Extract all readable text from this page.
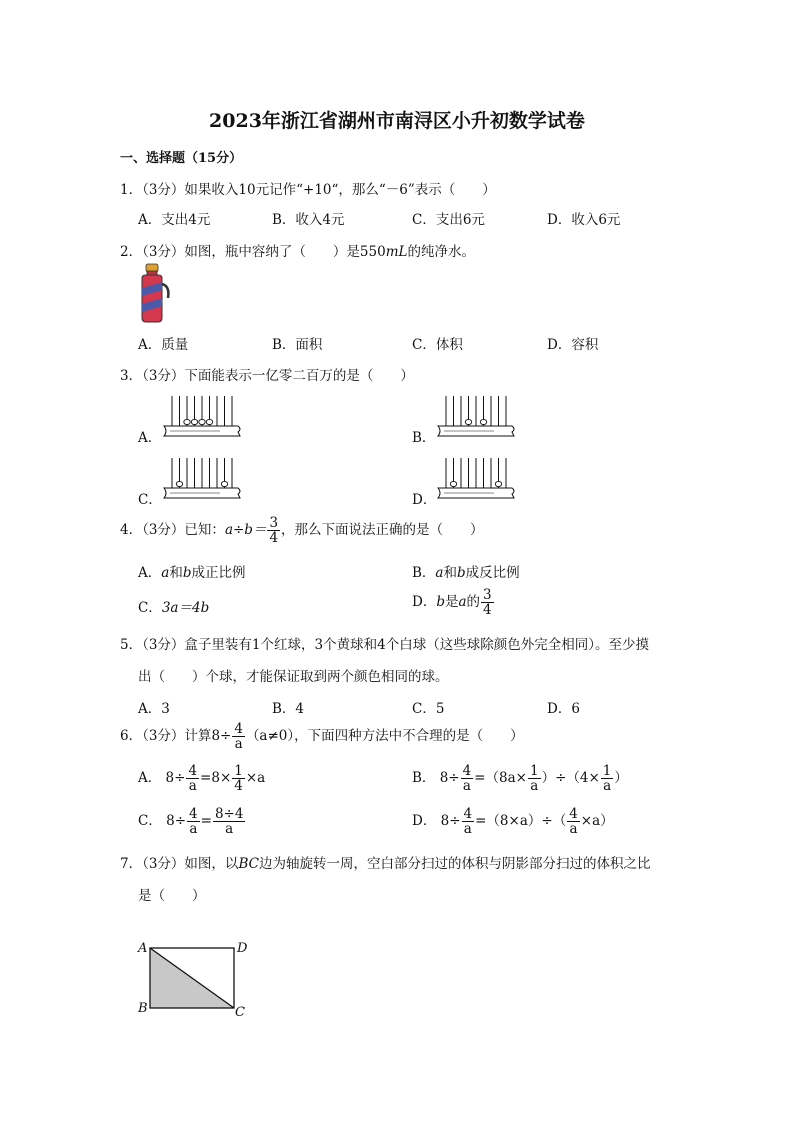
2023年浙江省湖州市南浔区小升初数学试卷
一、选择题（15分）
1．（3分）如果收入10元记作“+10“，那么“－6”表示（　　）
A．支出4元	B．收入4元	C．支出6元	D．收入6元
2．（3分）如图，瓶中容纳了（　　）是550mL的纯净水。
A．质量	B．面积	C．体积	D．容积
3．（3分）下面能表示一亿零二百万的是（　　）
A．	B．
C．	D．
4．（3分）已知：$a\div b= \frac{3}{4}$ ，那么下面说法正确的是（　　）
A．a和b成正比例	B．a和b成反比例
C．3a＝4b	D．b是a的 $\frac{3}{4}$
5．（3分）盒子里装有1个红球，3个黄球和4个白球（这些球除颜色外完全相同）。至少摸
出（　　）个球，才能保证取到两个颜色相同的球。
A．3	B．4	C．5	D．6
6．（3分）计算$8\div \frac{4}{a} (a\ne 0)$，下面四种方法中不合理的是（　　）
A． $8\div \frac{4}{a} =8\times \frac{1}{4} \times a$	B． $8\div \frac{4}{a} =(8a\times \frac{1}{a} )\div(4\times \frac{1}{a}$ ）
C． $8\div \frac{4}{a} = \frac{8\div 4}{a}$	D． $8\div \frac{4}{a} =(8\times a)\div( \frac{4}{a} \times a)$
7．（3分）如图，以BC边为轴旋转一周，空白部分扫过的体积与阴影部分扫过的体积之比
是（　　）
A	D
B	C
